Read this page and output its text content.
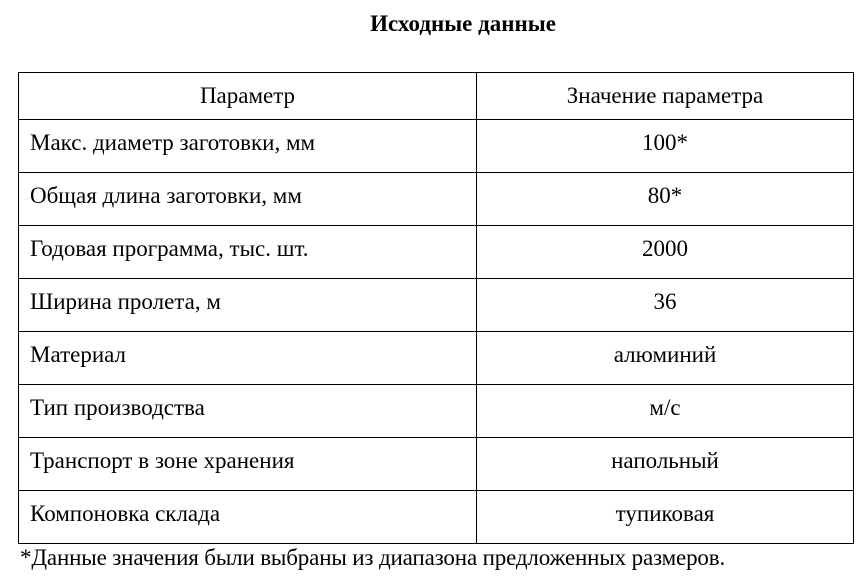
Исходные данные
Параметр	Значение параметра
Макс. диаметр заготовки, мм	100*
Общая длина заготовки, мм	80*
Годовая программа, тыс. шт.	2000
Ширина пролета, м	36
Материал	алюминий
Тип производства	м/с
Транспорт в зоне хранения	напольный
Компоновка склада	тупиковая
*Данные значения были выбраны из диапазона предложенных размеров.
